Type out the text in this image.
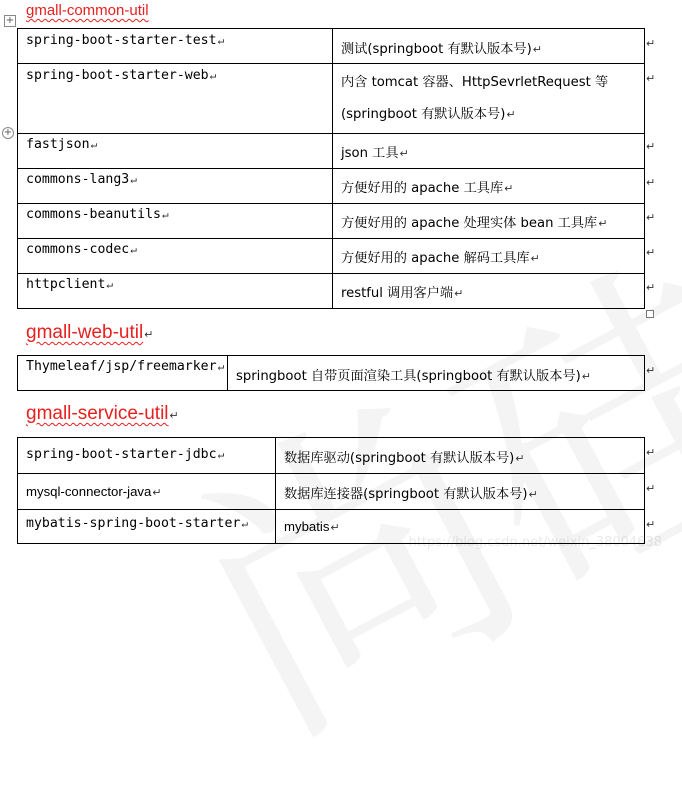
https://blog.csdn.net/weixin_38004638
gmall-common-util
+
+
spring-boot-starter-test↵	测试(springboot 有默认版本号)↵
spring-boot-starter-web↵	内含 tomcat 容器、HttpSevrletRequest 等
(springboot 有默认版本号)↵

fastjson↵	json 工具↵
commons-lang3↵	方便好用的 apache 工具库↵
commons-beanutils↵	方便好用的 apache 处理实体 bean 工具库↵
commons-codec↵	方便好用的 apache 解码工具库↵
httpclient↵	restful 调用客户端↵
↵
↵
↵
↵
↵
↵
↵
gmall-web-util↵
Thymeleaf/jsp/freemarker↵	springboot 自带页面渲染工具(springboot 有默认版本号)↵	↵
gmall-service-util↵
spring-boot-starter-jdbc↵	数据库驱动(springboot 有默认版本号)↵
mysql-connector-java↵	数据库连接器(springboot 有默认版本号)↵
mybatis-spring-boot-starter↵	mybatis↵
↵
↵
↵
